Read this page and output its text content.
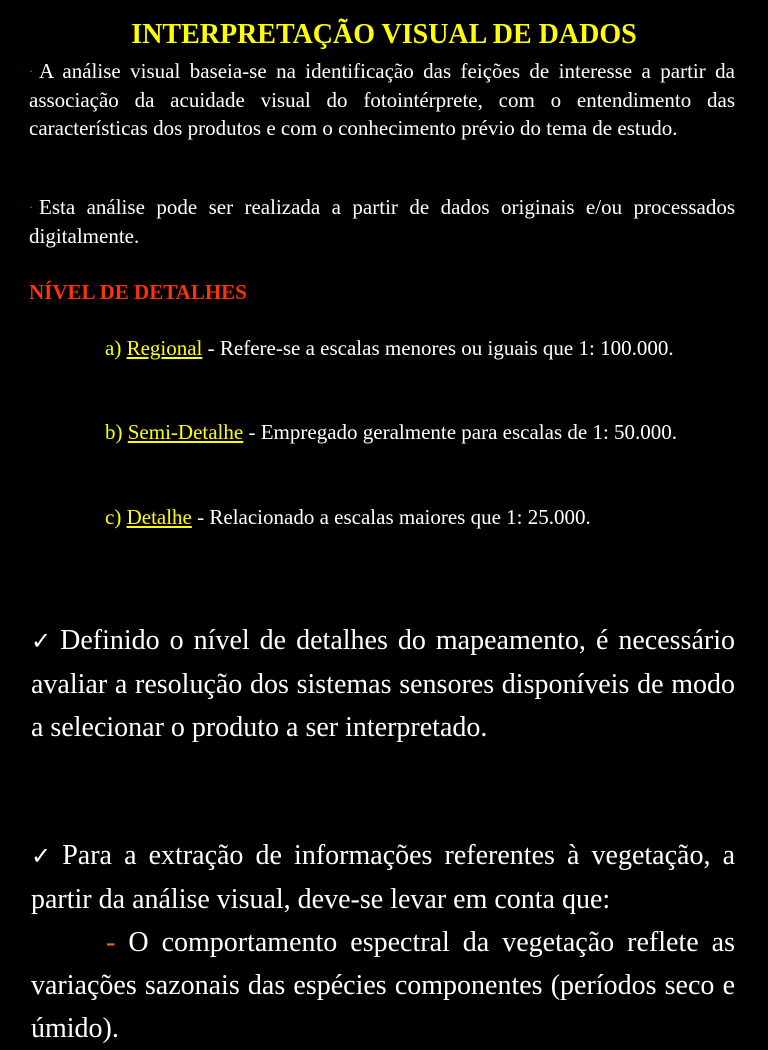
INTERPRETAÇÃO VISUAL DE DADOS
· A análise visual baseia-se na identificação das feições de interesse a partir da associação da acuidade visual do fotointérprete, com o entendimento das características dos produtos e com o conhecimento prévio do tema de estudo.
· Esta análise pode ser realizada a partir de dados originais e/ou processados digitalmente.
NÍVEL DE DETALHES
a) Regional - Refere-se a escalas menores ou iguais que 1: 100.000.
b) Semi-Detalhe - Empregado geralmente para escalas de 1: 50.000.
c) Detalhe - Relacionado a escalas maiores que 1: 25.000.
✓ Definido o nível de detalhes do mapeamento, é necessário avaliar a resolução dos sistemas sensores disponíveis de modo a selecionar o produto a ser interpretado.
✓ Para a extração de informações referentes à vegetação, a partir da análise visual, deve-se levar em conta que:
- O comportamento espectral da vegetação reflete as variações sazonais das espécies componentes (períodos seco e úmido).
